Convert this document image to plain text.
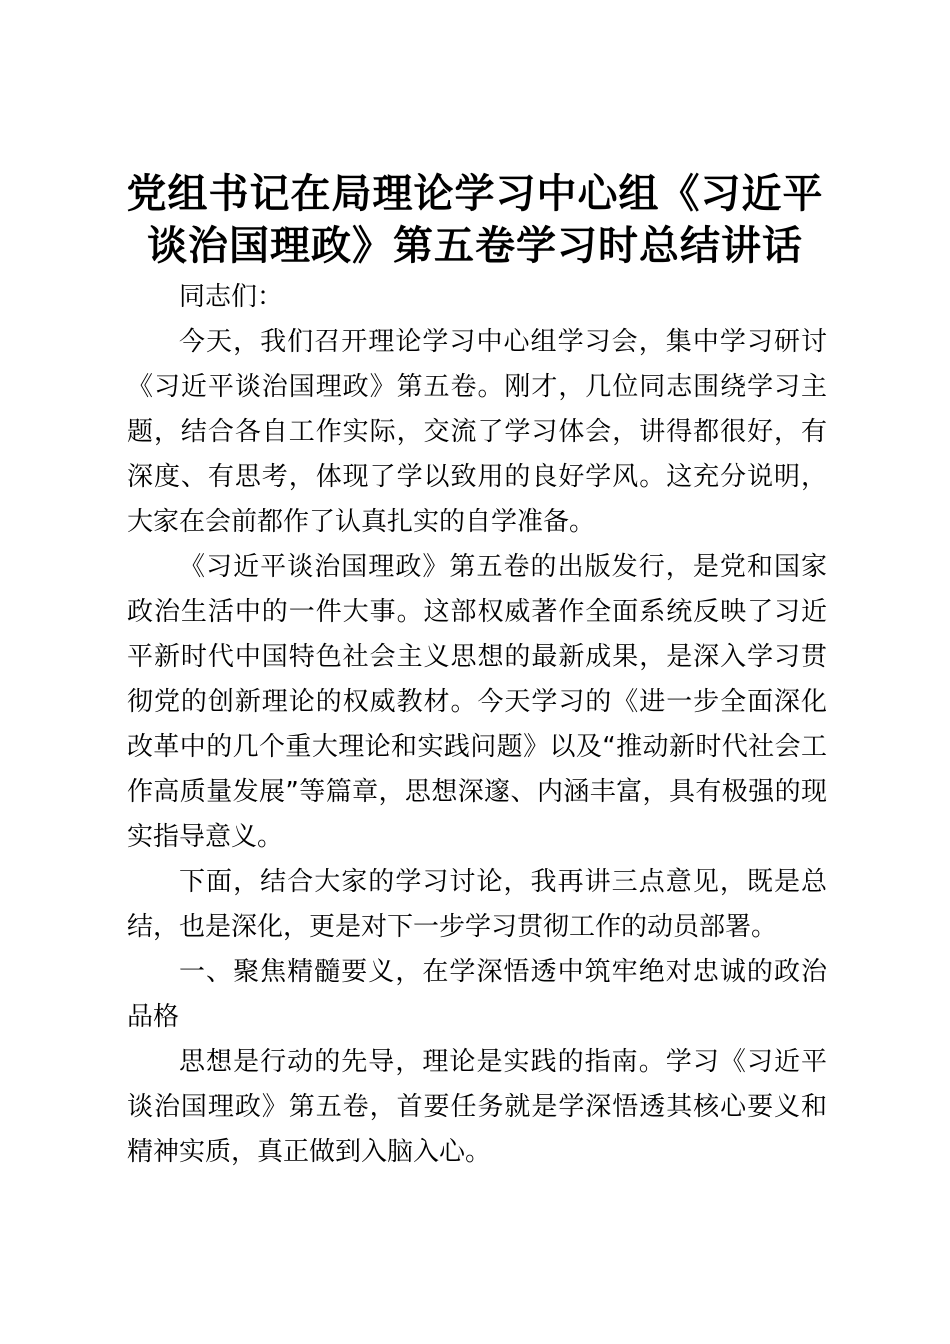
党组书记在局理论学习中心组《习近平
谈治国理政》第五卷学习时总结讲话

同志们：

今天，我们召开理论学习中心组学习会，集中学习研讨《习近平谈治国理政》第五卷。刚才，几位同志围绕学习主题，结合各自工作实际，交流了学习体会，讲得都很好，有深度、有思考，体现了学以致用的良好学风。这充分说明，大家在会前都作了认真扎实的自学准备。

《习近平谈治国理政》第五卷的出版发行，是党和国家政治生活中的一件大事。这部权威著作全面系统反映了习近平新时代中国特色社会主义思想的最新成果，是深入学习贯彻党的创新理论的权威教材。今天学习的《进一步全面深化改革中的几个重大理论和实践问题》以及“推动新时代社会工作高质量发展”等篇章，思想深邃、内涵丰富，具有极强的现实指导意义。

下面，结合大家的学习讨论，我再讲三点意见，既是总结，也是深化，更是对下一步学习贯彻工作的动员部署。

一、聚焦精髓要义，在学深悟透中筑牢绝对忠诚的政治品格

思想是行动的先导，理论是实践的指南。学习《习近平谈治国理政》第五卷，首要任务就是学深悟透其核心要义和精神实质，真正做到入脑入心。
